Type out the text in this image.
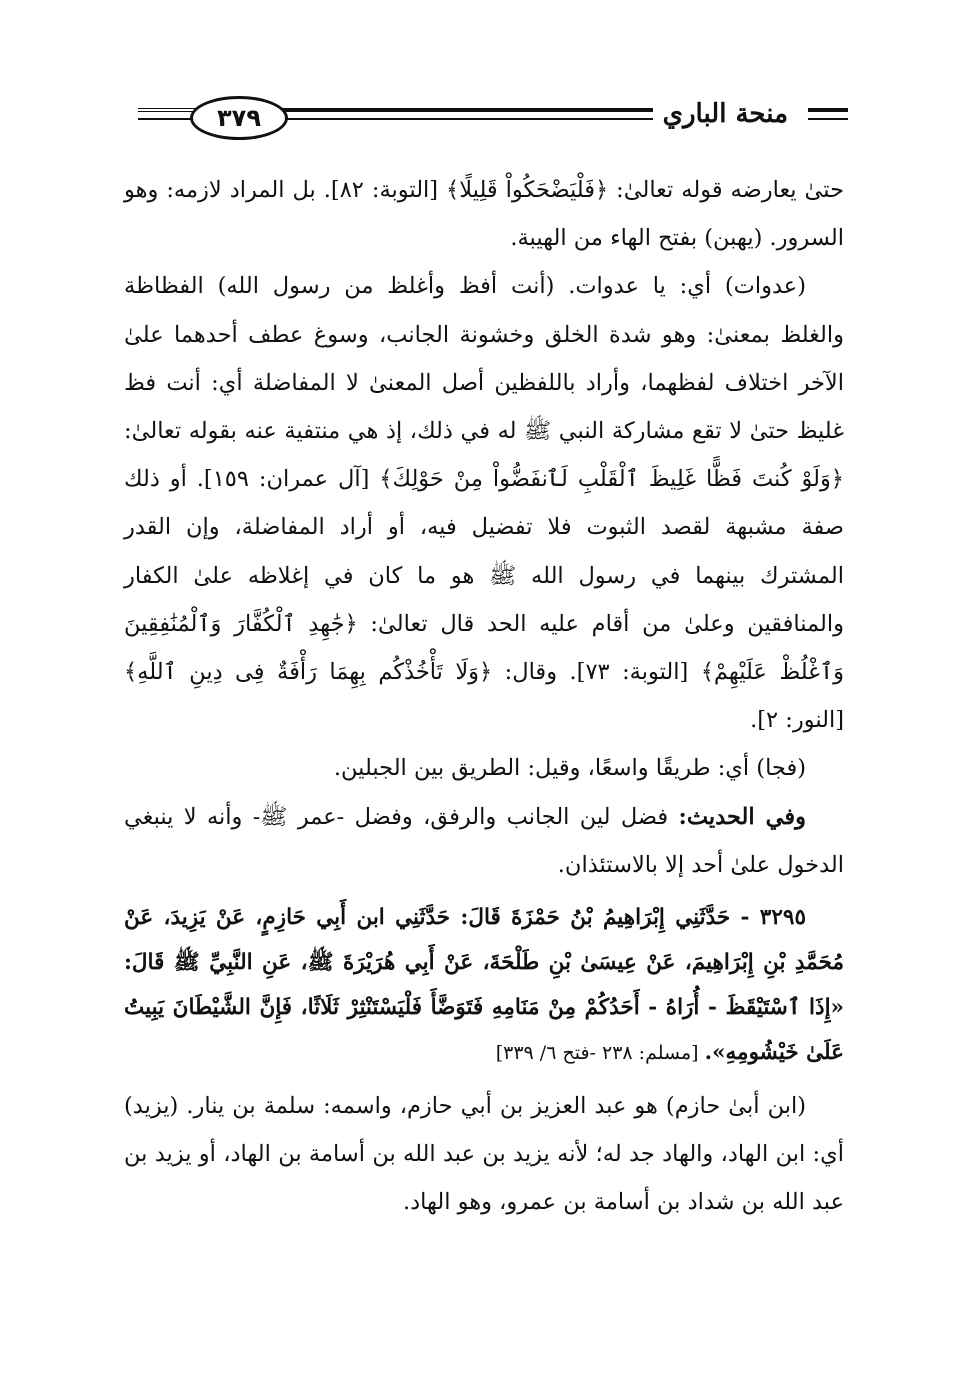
٣٧٩	منحة الباري

حتىٰ يعارضه قوله تعالىٰ: ﴿فَلْيَضْحَكُواْ قَلِيلًا﴾ [التوبة: ٨٢]. بل المراد لازمه: وهو السرور. (يهبن) بفتح الهاء من الهيبة.

(عدوات) أي: يا عدوات. (أنت أفظ وأغلظ من رسول الله) الفظاظة والغلظ بمعنىٰ: وهو شدة الخلق وخشونة الجانب، وسوغ عطف أحدهما علىٰ الآخر اختلاف لفظهما، وأراد باللفظين أصل المعنىٰ لا المفاضلة أي: أنت فظ غليظ حتىٰ لا تقع مشاركة النبي ﷺ له في ذلك، إذ هي منتفية عنه بقوله تعالىٰ: ﴿وَلَوْ كُنتَ فَظًّا غَلِيظَ ٱلْقَلْبِ لَٱنفَضُّواْ مِنْ حَوْلِكَ﴾ [آل عمران: ١٥٩]. أو ذلك صفة مشبهة لقصد الثبوت فلا تفضيل فيه، أو أراد المفاضلة، وإن القدر المشترك بينهما في رسول الله ﷺ هو ما كان في إغلاظه علىٰ الكفار والمنافقين وعلىٰ من أقام عليه الحد قال تعالىٰ: ﴿جَٰهِدِ ٱلْكُفَّارَ وَٱلْمُنَٰفِقِينَ وَٱغْلُظْ عَلَيْهِمْ﴾ [التوبة: ٧٣]. وقال: ﴿وَلَا تَأْخُذْكُم بِهِمَا رَأْفَةٌ فِى دِينِ ٱللَّهِ﴾ [النور: ٢].

(فجا) أي: طريقًا واسعًا، وقيل: الطريق بين الجبلين.

وفي الحديث: فضل لين الجانب والرفق، وفضل -عمر ﷺ- وأنه لا ينبغي الدخول علىٰ أحد إلا بالاستئذان.

٣٢٩٥ - حَدَّثَنِي إِبْرَاهِيمُ بْنُ حَمْزَةَ قَالَ: حَدَّثَنِي ابن أَبِي حَازِمٍ، عَنْ يَزِيدَ، عَنْ مُحَمَّدِ بْنِ إِبْرَاهِيمَ، عَنْ عِيسَىٰ بْنِ طَلْحَةَ، عَنْ أَبِي هُرَيْرَةَ ﷺ، عَنِ النَّبِيِّ ﷺ قَالَ: «إِذَا ٱسْتَيْقَظَ - أُرَاهُ - أَحَدُكُمْ مِنْ مَنَامِهِ فَتَوَضَّأَ فَلْيَسْتَنْثِرْ ثَلَاثًا، فَإِنَّ الشَّيْطَانَ يَبِيتُ عَلَىٰ خَيْشُومِهِ». [مسلم: ٢٣٨ -فتح ٦/ ٣٣٩]

(ابن أبىٰ حازم) هو عبد العزيز بن أبي حازم، واسمه: سلمة بن ينار. (يزيد) أي: ابن الهاد، والهاد جد له؛ لأنه يزيد بن عبد الله بن أسامة بن الهاد، أو يزيد بن عبد الله بن شداد بن أسامة بن عمرو، وهو الهاد.
